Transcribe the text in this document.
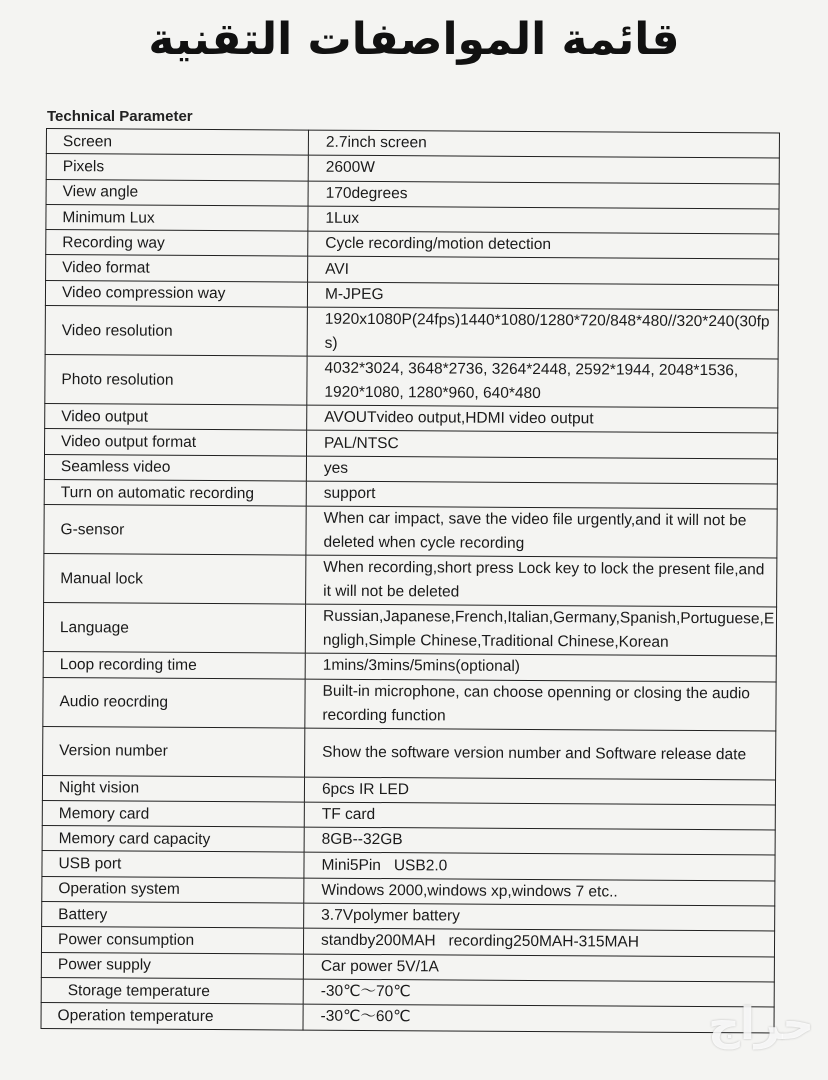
قائمة المواصفات التقنية
Technical Parameter
Screen	2.7inch screen
Pixels	2600W
View angle	170degrees
Minimum Lux	1Lux
Recording way	Cycle recording/motion detection
Video format	AVI
Video compression way	M-JPEG
Video resolution	1920x1080P(24fps)1440*1080/1280*720/848*480//320*240(30fps)
Photo resolution	4032*3024, 3648*2736, 3264*2448, 2592*1944, 2048*1536, 1920*1080, 1280*960, 640*480
Video output	AVOUTvideo output,HDMI video output
Video output format	PAL/NTSC
Seamless video	yes
Turn on automatic recording	support
G-sensor	When car impact, save the video file urgently,and it will not be deleted when cycle recording
Manual lock	When recording,short press Lock key to lock the present file,and it will not be deleted
Language	Russian,Japanese,French,Italian,Germany,Spanish,Portuguese,Engligh,Simple Chinese,Traditional Chinese,Korean
Loop recording time	1mins/3mins/5mins(optional)
Audio reocrding	Built-in microphone, can choose openning or closing the audio recording function
Version number	Show the software version number and Software release date
Night vision	6pcs IR LED
Memory card	TF card
Memory card capacity	8GB--32GB
USB port	Mini5Pin   USB2.0
Operation system	Windows 2000,windows xp,windows 7 etc..
Battery	3.7Vpolymer battery
Power consumption	standby200MAH   recording250MAH-315MAH
Power supply	Car power 5V/1A
Storage temperature	-30℃～70℃
Operation temperature	-30℃～60℃	حراج
